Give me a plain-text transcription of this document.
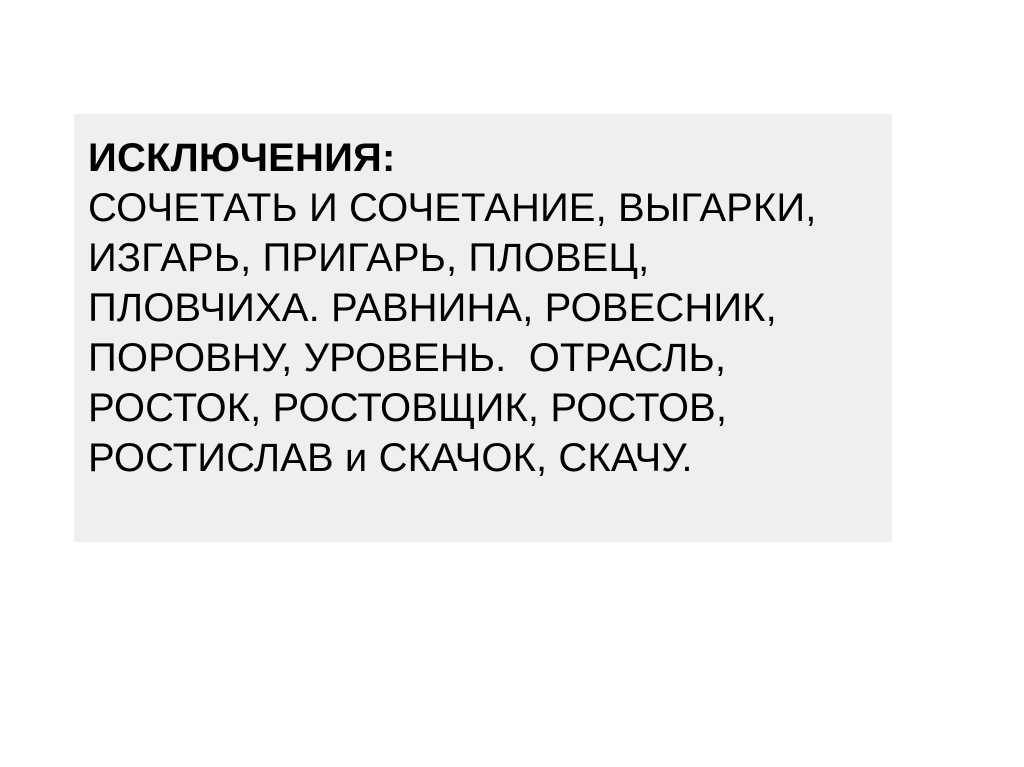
ИСКЛЮЧЕНИЯ:

СОЧЕТАТЬ И СОЧЕТАНИЕ, ВЫГАРКИ, ИЗГАРЬ, ПРИГАРЬ, ПЛОВЕЦ, ПЛОВЧИХА. РАВНИНА, РОВЕСНИК, ПОРОВНУ, УРОВЕНЬ.  ОТРАСЛЬ, РОСТОК, РОСТОВЩИК, РОСТОВ, РОСТИСЛАВ и СКАЧОК, СКАЧУ.
